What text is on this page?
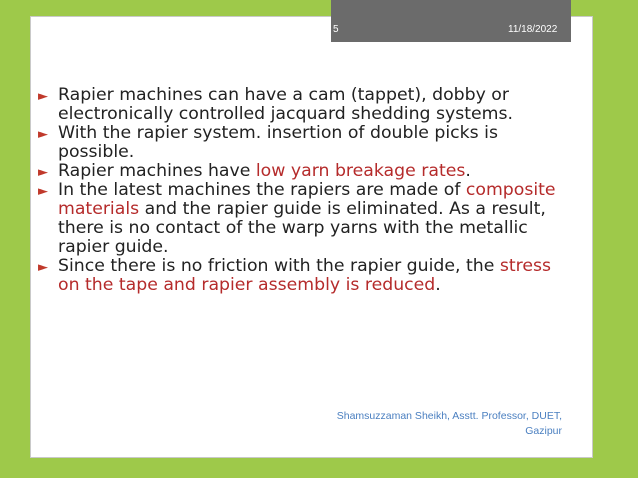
5	11/18/2022

► Rapier machines can have a cam (tappet), dobby or electronically controlled jacquard shedding systems.

► With the rapier system. insertion of double picks is possible.

► Rapier machines have low yarn breakage rates.

► In the latest machines the rapiers are made of composite materials and the rapier guide is eliminated. As a result, there is no contact of the warp yarns with the metallic rapier guide.

► Since there is no friction with the rapier guide, the stress on the tape and rapier assembly is reduced.

Shamsuzzaman Sheikh, Asstt. Professor, DUET,
Gazipur
